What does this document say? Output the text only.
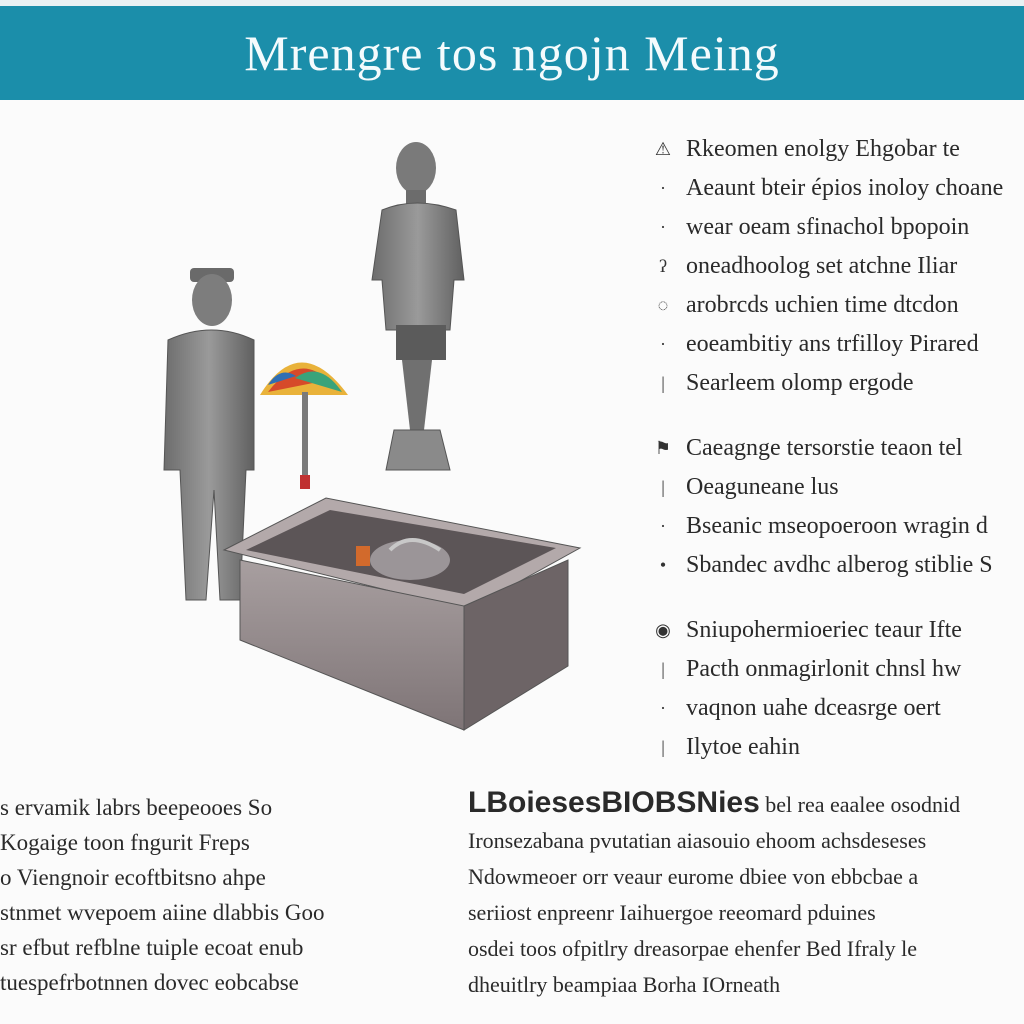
Mrengre tos ngojn Meing
⚠ Rkeomen enolgy Ehgobar te
· Aeaunt bteir épios inoloy choane
· wear oeam sfinachol bpopoin
ʔ oneadhoolog set atchne Iliar
◌ arobrcds uchien time dtcdon
· eoeambitiy ans trfilloy Pirared
| Searleem olomp ergode
⚑ Caeagnge tersorstie teaon tel
| Oeaguneane lus
· Bseanic mseopoeroon wragin d
• Sbandec avdhc alberog stiblie S
◉ Sniupohermioeriec teaur Ifte
| Pacth onmagirlonit chnsl hw
· vaqnon uahe dceasrge oert
| Ilytoe eahin
s ervamik labrs beepeooes So
Kogaige toon fngurit Freps
o Viengnoir ecoftbitsno ahpe
stnmet wvepoem aiine dlabbis Goo
sr efbut refblne tuiple ecoat enub
tuespefrbotnnen dovec eobcabse
LBoiesesBIOBSNies bel rea eaalee osodnid
Ironsezabana pvutatian aiasouio ehoom achsdeseses
Ndowmeoer orr veaur eurome dbiee von ebbcbae a
seriiost enpreenr Iaihuergoe reeomard pduines
osdei toos ofpitlry dreasorpae ehenfer Bed Ifraly le
dheuitlry beampiaa Borha IOrneath
